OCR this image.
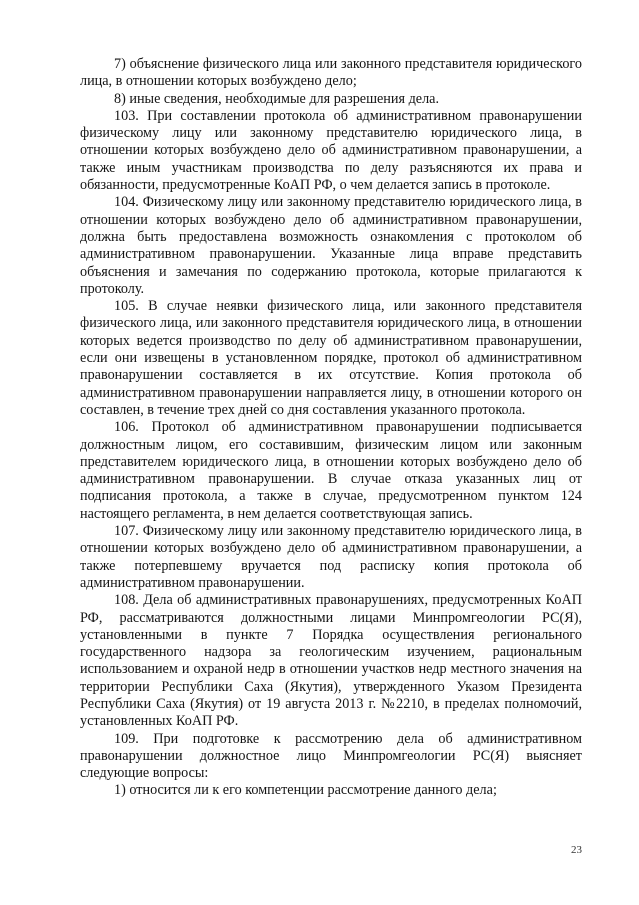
7) объяснение физического лица или законного представителя юридического лица, в отношении которых возбуждено дело;

8) иные сведения, необходимые для разрешения дела.

103. При составлении протокола об административном правонарушении физическому лицу или законному представителю юридического лица, в отношении которых возбуждено дело об административном правонарушении, а также иным участникам производства по делу разъясняются их права и обязанности, предусмотренные КоАП РФ, о чем делается запись в протоколе.

104. Физическому лицу или законному представителю юридического лица, в отношении которых возбуждено дело об административном правонарушении, должна быть предоставлена возможность ознакомления с протоколом об административном правонарушении. Указанные лица вправе представить объяснения и замечания по содержанию протокола, которые прилагаются к протоколу.

105. В случае неявки физического лица, или законного представителя физического лица, или законного представителя юридического лица, в отношении которых ведется производство по делу об административном правонарушении, если они извещены в установленном порядке, протокол об административном правонарушении составляется в их отсутствие. Копия протокола об административном правонарушении направляется лицу, в отношении которого он составлен, в течение трех дней со дня составления указанного протокола.

106. Протокол об административном правонарушении подписывается должностным лицом, его составившим, физическим лицом или законным представителем юридического лица, в отношении которых возбуждено дело об административном правонарушении. В случае отказа указанных лиц от подписания протокола, а также в случае, предусмотренном пунктом 124 настоящего регламента, в нем делается соответствующая запись.

107. Физическому лицу или законному представителю юридического лица, в отношении которых возбуждено дело об административном правонарушении, а также потерпевшему вручается под расписку копия протокола об административном правонарушении.

108. Дела об административных правонарушениях, предусмотренных КоАП РФ, рассматриваются должностными лицами Минпромгеологии РС(Я), установленными в пункте 7 Порядка осуществления регионального государственного надзора за геологическим изучением, рациональным использованием и охраной недр в отношении участков недр местного значения на территории Республики Саха (Якутия), утвержденного Указом Президента Республики Саха (Якутия) от 19 августа 2013 г. №2210, в пределах полномочий, установленных КоАП РФ.

109. При подготовке к рассмотрению дела об административном правонарушении должностное лицо Минпромгеологии РС(Я) выясняет следующие вопросы:

1) относится ли к его компетенции рассмотрение данного дела;

23
